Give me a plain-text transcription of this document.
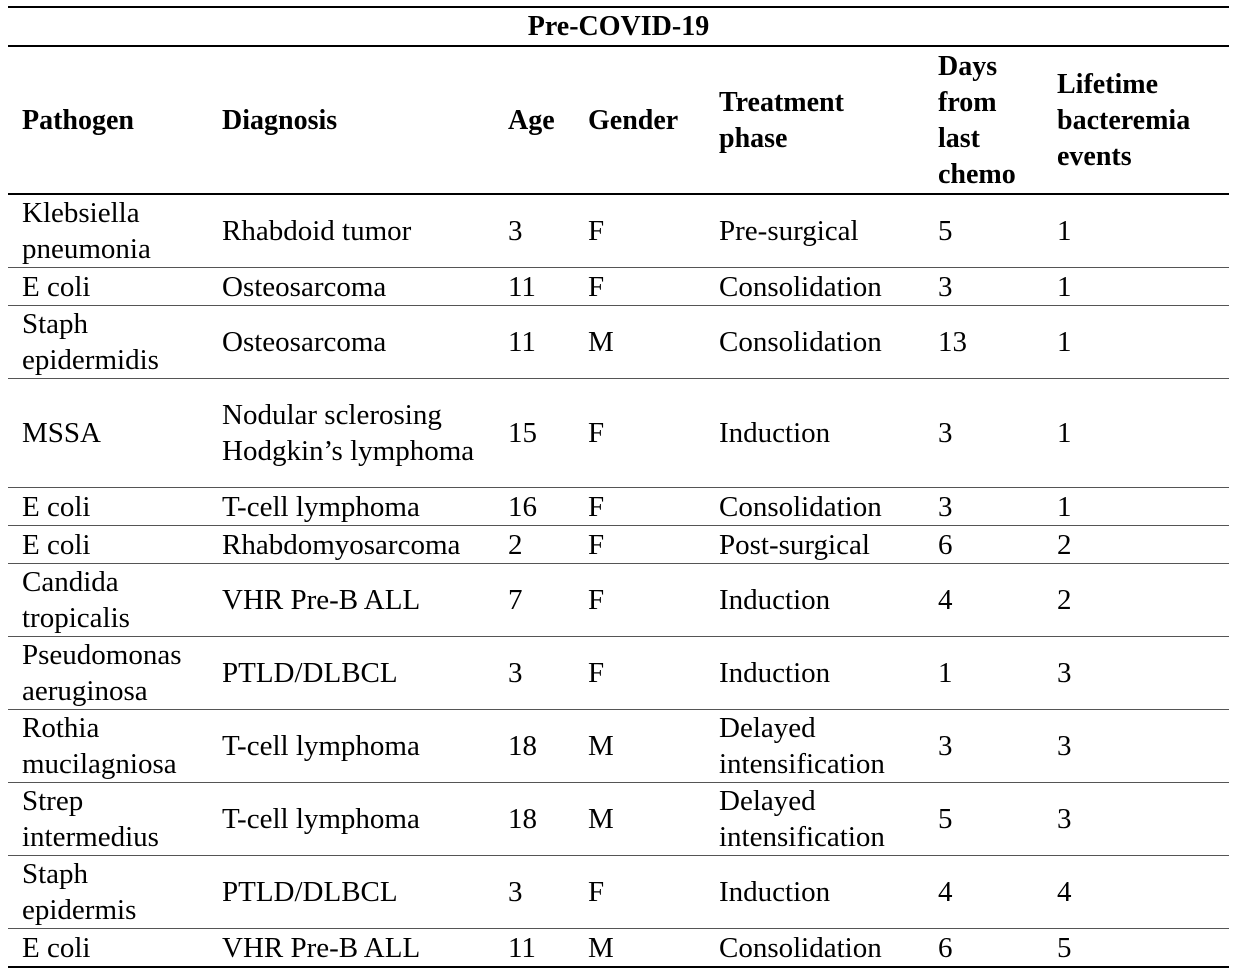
Pre-COVID-19						
Pathogen	Diagnosis	Age	Gender	Treatment phase	Days from last chemo	Lifetime bacteremia events
Klebsiella pneumonia	Rhabdoid tumor	3	F	Pre-surgical	5	1
E coli	Osteosarcoma	11	F	Consolidation	3	1
Staph epidermidis	Osteosarcoma	11	M	Consolidation	13	1
MSSA	Nodular sclerosing Hodgkin’s lymphoma	15	F	Induction	3	1
E coli	T-cell lymphoma	16	F	Consolidation	3	1
E coli	Rhabdomyosarcoma	2	F	Post-surgical	6	2
Candida tropicalis	VHR Pre-B ALL	7	F	Induction	4	2
Pseudomonas aeruginosa	PTLD/DLBCL	3	F	Induction	1	3
Rothia mucilagniosa	T-cell lymphoma	18	M	Delayed intensification	3	3
Strep intermedius	T-cell lymphoma	18	M	Delayed intensification	5	3
Staph epidermis	PTLD/DLBCL	3	F	Induction	4	4
E coli	VHR Pre-B ALL	11	M	Consolidation	6	5
